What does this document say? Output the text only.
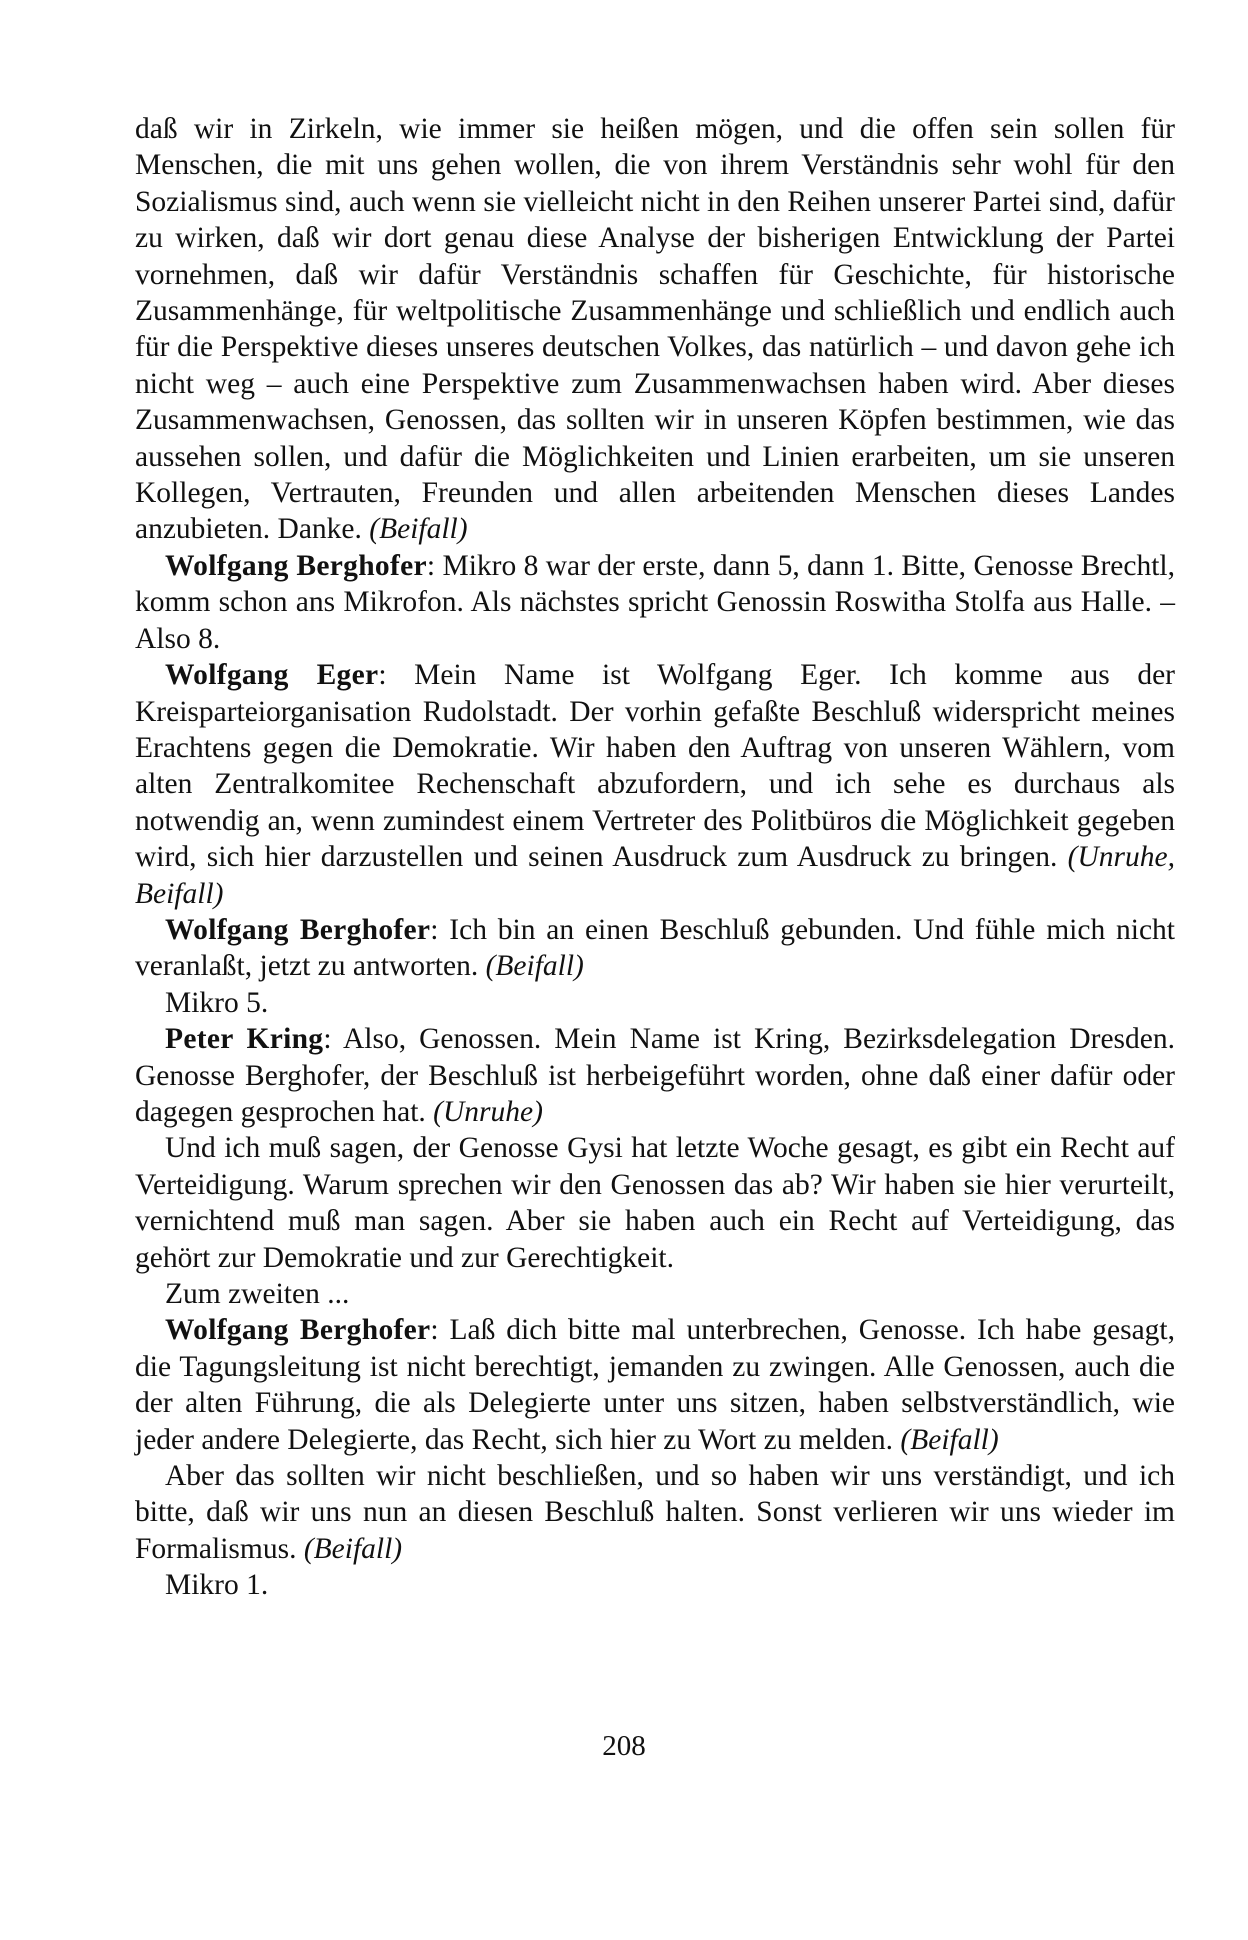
daß wir in Zirkeln, wie immer sie heißen mögen, und die offen sein sollen für Menschen, die mit uns gehen wollen, die von ihrem Verständnis sehr wohl für den Sozialismus sind, auch wenn sie vielleicht nicht in den Reihen unserer Partei sind, dafür zu wirken, daß wir dort genau diese Analyse der bisherigen Entwicklung der Partei vornehmen, daß wir dafür Verständnis schaffen für Geschichte, für historische Zusammenhänge, für weltpolitische Zusammenhänge und schließlich und endlich auch für die Perspektive dieses unseres deutschen Volkes, das natürlich – und davon gehe ich nicht weg – auch eine Perspektive zum Zusammenwachsen haben wird. Aber dieses Zusammenwachsen, Genossen, das sollten wir in unseren Köpfen bestimmen, wie das aussehen sollen, und dafür die Möglichkeiten und Linien erarbeiten, um sie unseren Kollegen, Vertrauten, Freunden und allen arbeitenden Menschen dieses Landes anzubieten. Danke. (Beifall)

Wolfgang Berghofer: Mikro 8 war der erste, dann 5, dann 1. Bitte, Genosse Brechtl, komm schon ans Mikrofon. Als nächstes spricht Genossin Roswitha Stolfa aus Halle. – Also 8.

Wolfgang Eger: Mein Name ist Wolfgang Eger. Ich komme aus der Kreisparteiorganisation Rudolstadt. Der vorhin gefaßte Beschluß widerspricht meines Erachtens gegen die Demokratie. Wir haben den Auftrag von unseren Wählern, vom alten Zentralkomitee Rechenschaft abzufordern, und ich sehe es durchaus als notwendig an, wenn zumindest einem Vertreter des Politbüros die Möglichkeit gegeben wird, sich hier darzustellen und seinen Ausdruck zum Ausdruck zu bringen. (Unruhe, Beifall)

Wolfgang Berghofer: Ich bin an einen Beschluß gebunden. Und fühle mich nicht veranlaßt, jetzt zu antworten. (Beifall)

Mikro 5.

Peter Kring: Also, Genossen. Mein Name ist Kring, Bezirksdelegation Dresden. Genosse Berghofer, der Beschluß ist herbeigeführt worden, ohne daß einer dafür oder dagegen gesprochen hat. (Unruhe)

Und ich muß sagen, der Genosse Gysi hat letzte Woche gesagt, es gibt ein Recht auf Verteidigung. Warum sprechen wir den Genossen das ab? Wir haben sie hier verurteilt, vernichtend muß man sagen. Aber sie haben auch ein Recht auf Verteidigung, das gehört zur Demokratie und zur Gerechtigkeit.

Zum zweiten ...

Wolfgang Berghofer: Laß dich bitte mal unterbrechen, Genosse. Ich habe gesagt, die Tagungsleitung ist nicht berechtigt, jemanden zu zwingen. Alle Genossen, auch die der alten Führung, die als Delegierte unter uns sitzen, haben selbstverständlich, wie jeder andere Delegierte, das Recht, sich hier zu Wort zu melden. (Beifall)

Aber das sollten wir nicht beschließen, und so haben wir uns verständigt, und ich bitte, daß wir uns nun an diesen Beschluß halten. Sonst verlieren wir uns wieder im Formalismus. (Beifall)

Mikro 1.

208
